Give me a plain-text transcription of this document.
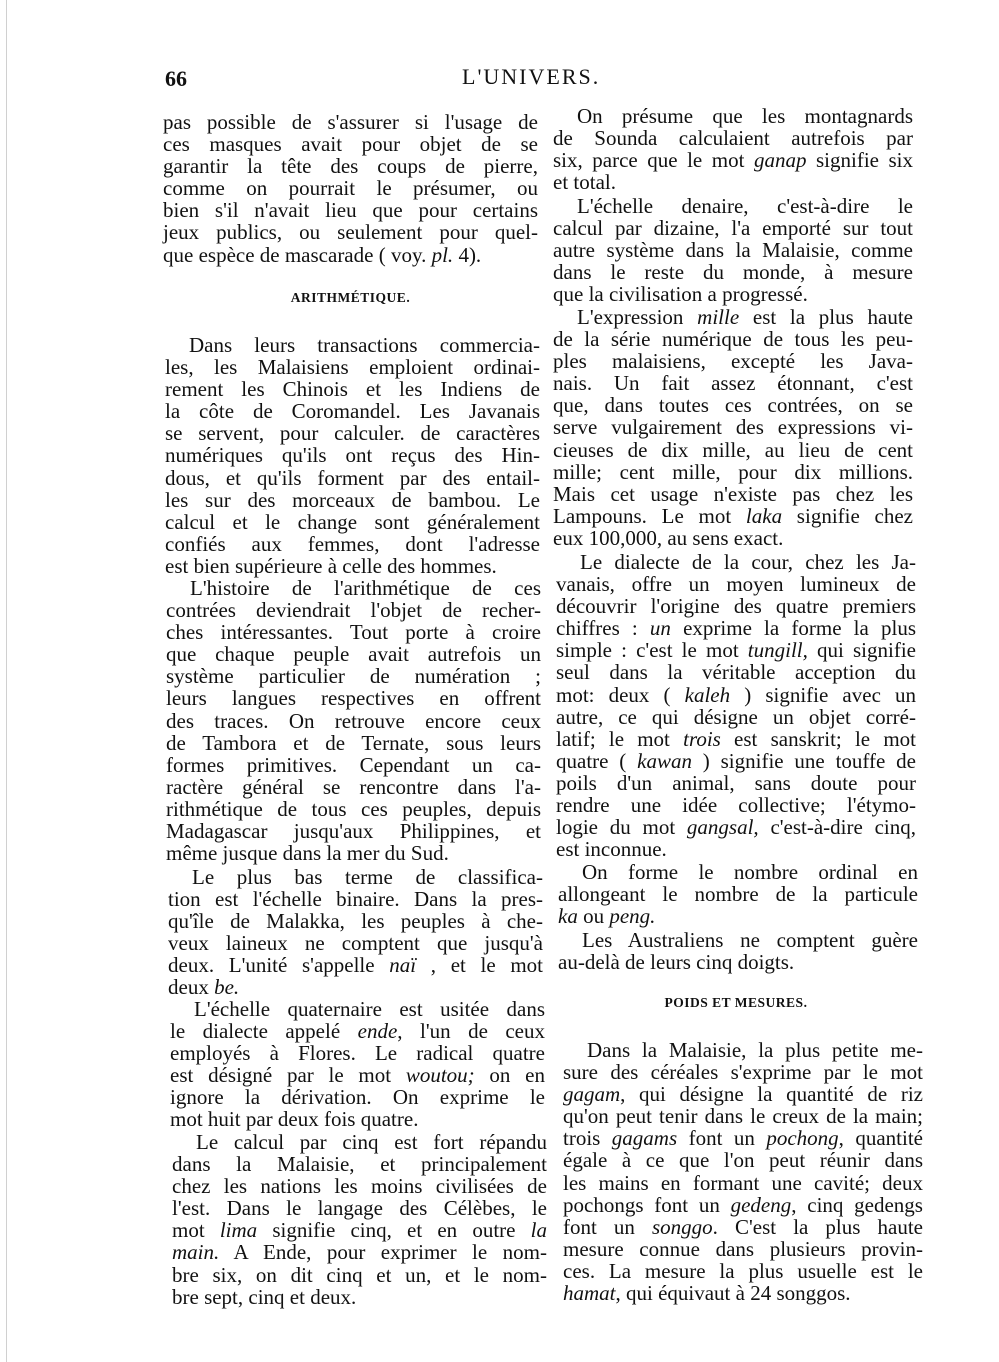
66	L'UNIVERS.
pas possible de s'assurer si l'usage de
ces masques avait pour objet de se
garantir la tête des coups de pierre,
comme on pourrait le présumer, ou
bien s'il n'avait lieu que pour certains
jeux publics, ou seulement pour quel-
que espèce de mascarade ( voy. pl. 4).
ARITHMÉTIQUE.
Dans leurs transactions commercia-
les, les Malaisiens emploient ordinai-
rement les Chinois et les Indiens de
la côte de Coromandel. Les Javanais
se servent, pour calculer. de caractères
numériques qu'ils ont reçus des Hin-
dous, et qu'ils forment par des entail-
les sur des morceaux de bambou. Le
calcul et le change sont généralement
confiés aux femmes, dont l'adresse
est bien supérieure à celle des hommes.
L'histoire de l'arithmétique de ces
contrées deviendrait l'objet de recher-
ches intéressantes. Tout porte à croire
que chaque peuple avait autrefois un
système particulier de numération ;
leurs langues respectives en offrent
des traces. On retrouve encore ceux
de Tambora et de Ternate, sous leurs
formes primitives. Cependant un ca-
ractère général se rencontre dans l'a-
rithmétique de tous ces peuples, depuis
Madagascar jusqu'aux Philippines, et
même jusque dans la mer du Sud.
Le plus bas terme de classifica-
tion est l'échelle binaire. Dans la pres-
qu'île de Malakka, les peuples à che-
veux laineux ne comptent que jusqu'à
deux. L'unité s'appelle naï , et le mot
deux be.
L'échelle quaternaire est usitée dans
le dialecte appelé ende, l'un de ceux
employés à Flores. Le radical quatre
est désigné par le mot woutou; on en
ignore la dérivation. On exprime le
mot huit par deux fois quatre.
Le calcul par cinq est fort répandu
dans la Malaisie, et principalement
chez les nations les moins civilisées de
l'est. Dans le langage des Célèbes, le
mot lima signifie cinq, et en outre la
main. A Ende, pour exprimer le nom-
bre six, on dit cinq et un, et le nom-
bre sept, cinq et deux.
On présume que les montagnards
de Sounda calculaient autrefois par
six, parce que le mot ganap signifie six
et total.
L'échelle denaire, c'est-à-dire le
calcul par dizaine, l'a emporté sur tout
autre système dans la Malaisie, comme
dans le reste du monde, à mesure
que la civilisation a progressé.
L'expression mille est la plus haute
de la série numérique de tous les peu-
ples malaisiens, excepté les Java-
nais. Un fait assez étonnant, c'est
que, dans toutes ces contrées, on se
serve vulgairement des expressions vi-
cieuses de dix mille, au lieu de cent
mille; cent mille, pour dix millions.
Mais cet usage n'existe pas chez les
Lampouns. Le mot laka signifie chez
eux 100,000, au sens exact.
Le dialecte de la cour, chez les Ja-
vanais, offre un moyen lumineux de
découvrir l'origine des quatre premiers
chiffres : un exprime la forme la plus
simple : c'est le mot tungill, qui signifie
seul dans la véritable acception du
mot: deux ( kaleh ) signifie avec un
autre, ce qui désigne un objet corré-
latif; le mot trois est sanskrit; le mot
quatre ( kawan ) signifie une touffe de
poils d'un animal, sans doute pour
rendre une idée collective; l'étymo-
logie du mot gangsal, c'est-à-dire cinq,
est inconnue.
On forme le nombre ordinal en
allongeant le nombre de la particule
ka ou peng.
Les Australiens ne comptent guère
au-delà de leurs cinq doigts.
POIDS ET MESURES.
Dans la Malaisie, la plus petite me-
sure des céréales s'exprime par le mot
gagam, qui désigne la quantité de riz
qu'on peut tenir dans le creux de la main;
trois gagams font un pochong, quantité
égale à ce que l'on peut réunir dans
les mains en formant une cavité; deux
pochongs font un gedeng, cinq gedengs
font un songgo. C'est la plus haute
mesure connue dans plusieurs provin-
ces. La mesure la plus usuelle est le
hamat, qui équivaut à 24 songgos.
